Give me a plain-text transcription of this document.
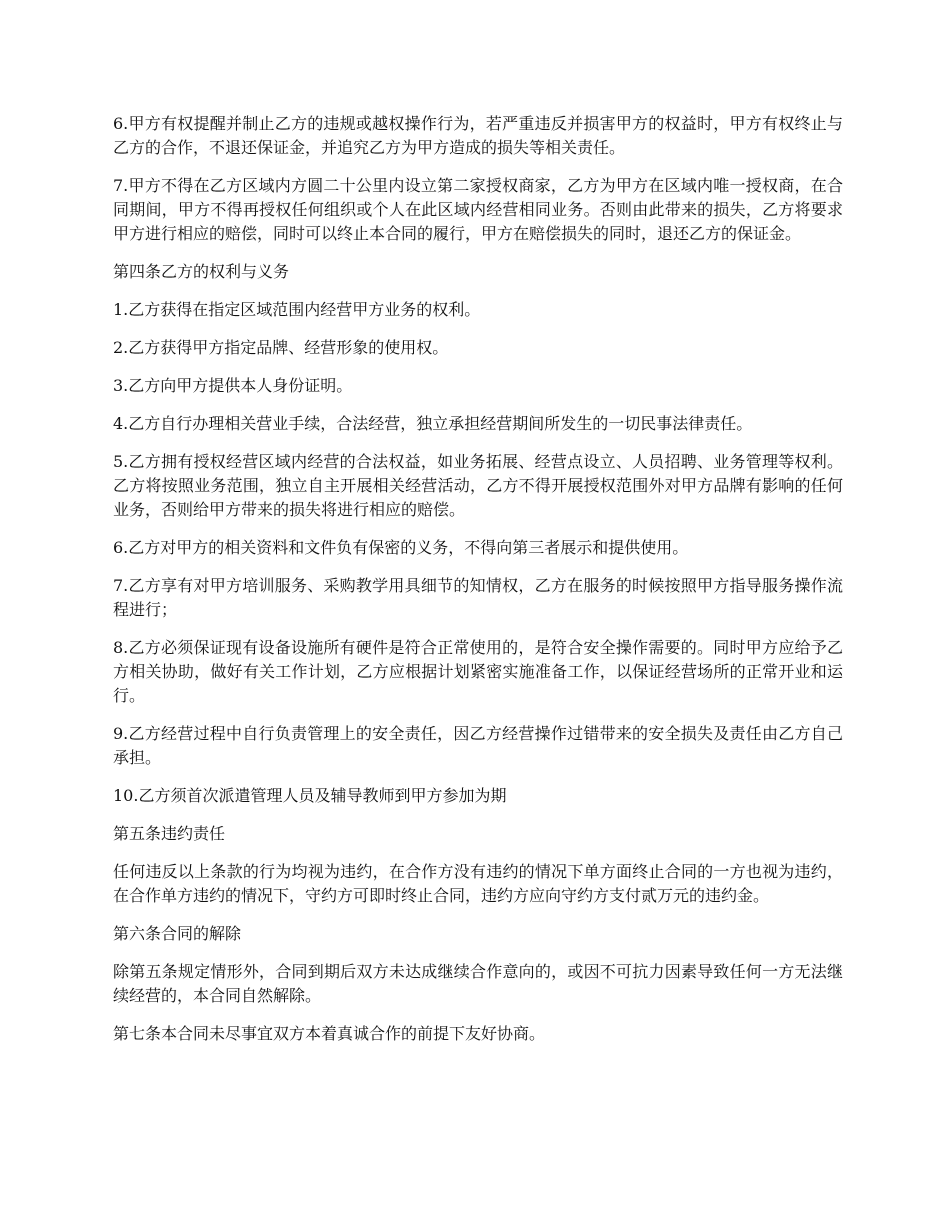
6.甲方有权提醒并制止乙方的违规或越权操作行为，若严重违反并损害甲方的权益时，甲方有权终止与乙方的合作，不退还保证金，并追究乙方为甲方造成的损失等相关责任。

7.甲方不得在乙方区域内方圆二十公里内设立第二家授权商家，乙方为甲方在区域内唯一授权商，在合同期间，甲方不得再授权任何组织或个人在此区域内经营相同业务。否则由此带来的损失，乙方将要求甲方进行相应的赔偿，同时可以终止本合同的履行，甲方在赔偿损失的同时，退还乙方的保证金。

第四条乙方的权利与义务

1.乙方获得在指定区域范围内经营甲方业务的权利。

2.乙方获得甲方指定品牌、经营形象的使用权。

3.乙方向甲方提供本人身份证明。

4.乙方自行办理相关营业手续，合法经营，独立承担经营期间所发生的一切民事法律责任。

5.乙方拥有授权经营区域内经营的合法权益，如业务拓展、经营点设立、人员招聘、业务管理等权利。乙方将按照业务范围，独立自主开展相关经营活动，乙方不得开展授权范围外对甲方品牌有影响的任何业务，否则给甲方带来的损失将进行相应的赔偿。

6.乙方对甲方的相关资料和文件负有保密的义务，不得向第三者展示和提供使用。

7.乙方享有对甲方培训服务、采购教学用具细节的知情权，乙方在服务的时候按照甲方指导服务操作流程进行；

8.乙方必须保证现有设备设施所有硬件是符合正常使用的，是符合安全操作需要的。同时甲方应给予乙方相关协助，做好有关工作计划，乙方应根据计划紧密实施准备工作，以保证经营场所的正常开业和运行。

9.乙方经营过程中自行负责管理上的安全责任，因乙方经营操作过错带来的安全损失及责任由乙方自己承担。

10.乙方须首次派遣管理人员及辅导教师到甲方参加为期

第五条违约责任

任何违反以上条款的行为均视为违约，在合作方没有违约的情况下单方面终止合同的一方也视为违约，在合作单方违约的情况下，守约方可即时终止合同，违约方应向守约方支付贰万元的违约金。

第六条合同的解除

除第五条规定情形外，合同到期后双方未达成继续合作意向的，或因不可抗力因素导致任何一方无法继续经营的，本合同自然解除。

第七条本合同未尽事宜双方本着真诚合作的前提下友好协商。
